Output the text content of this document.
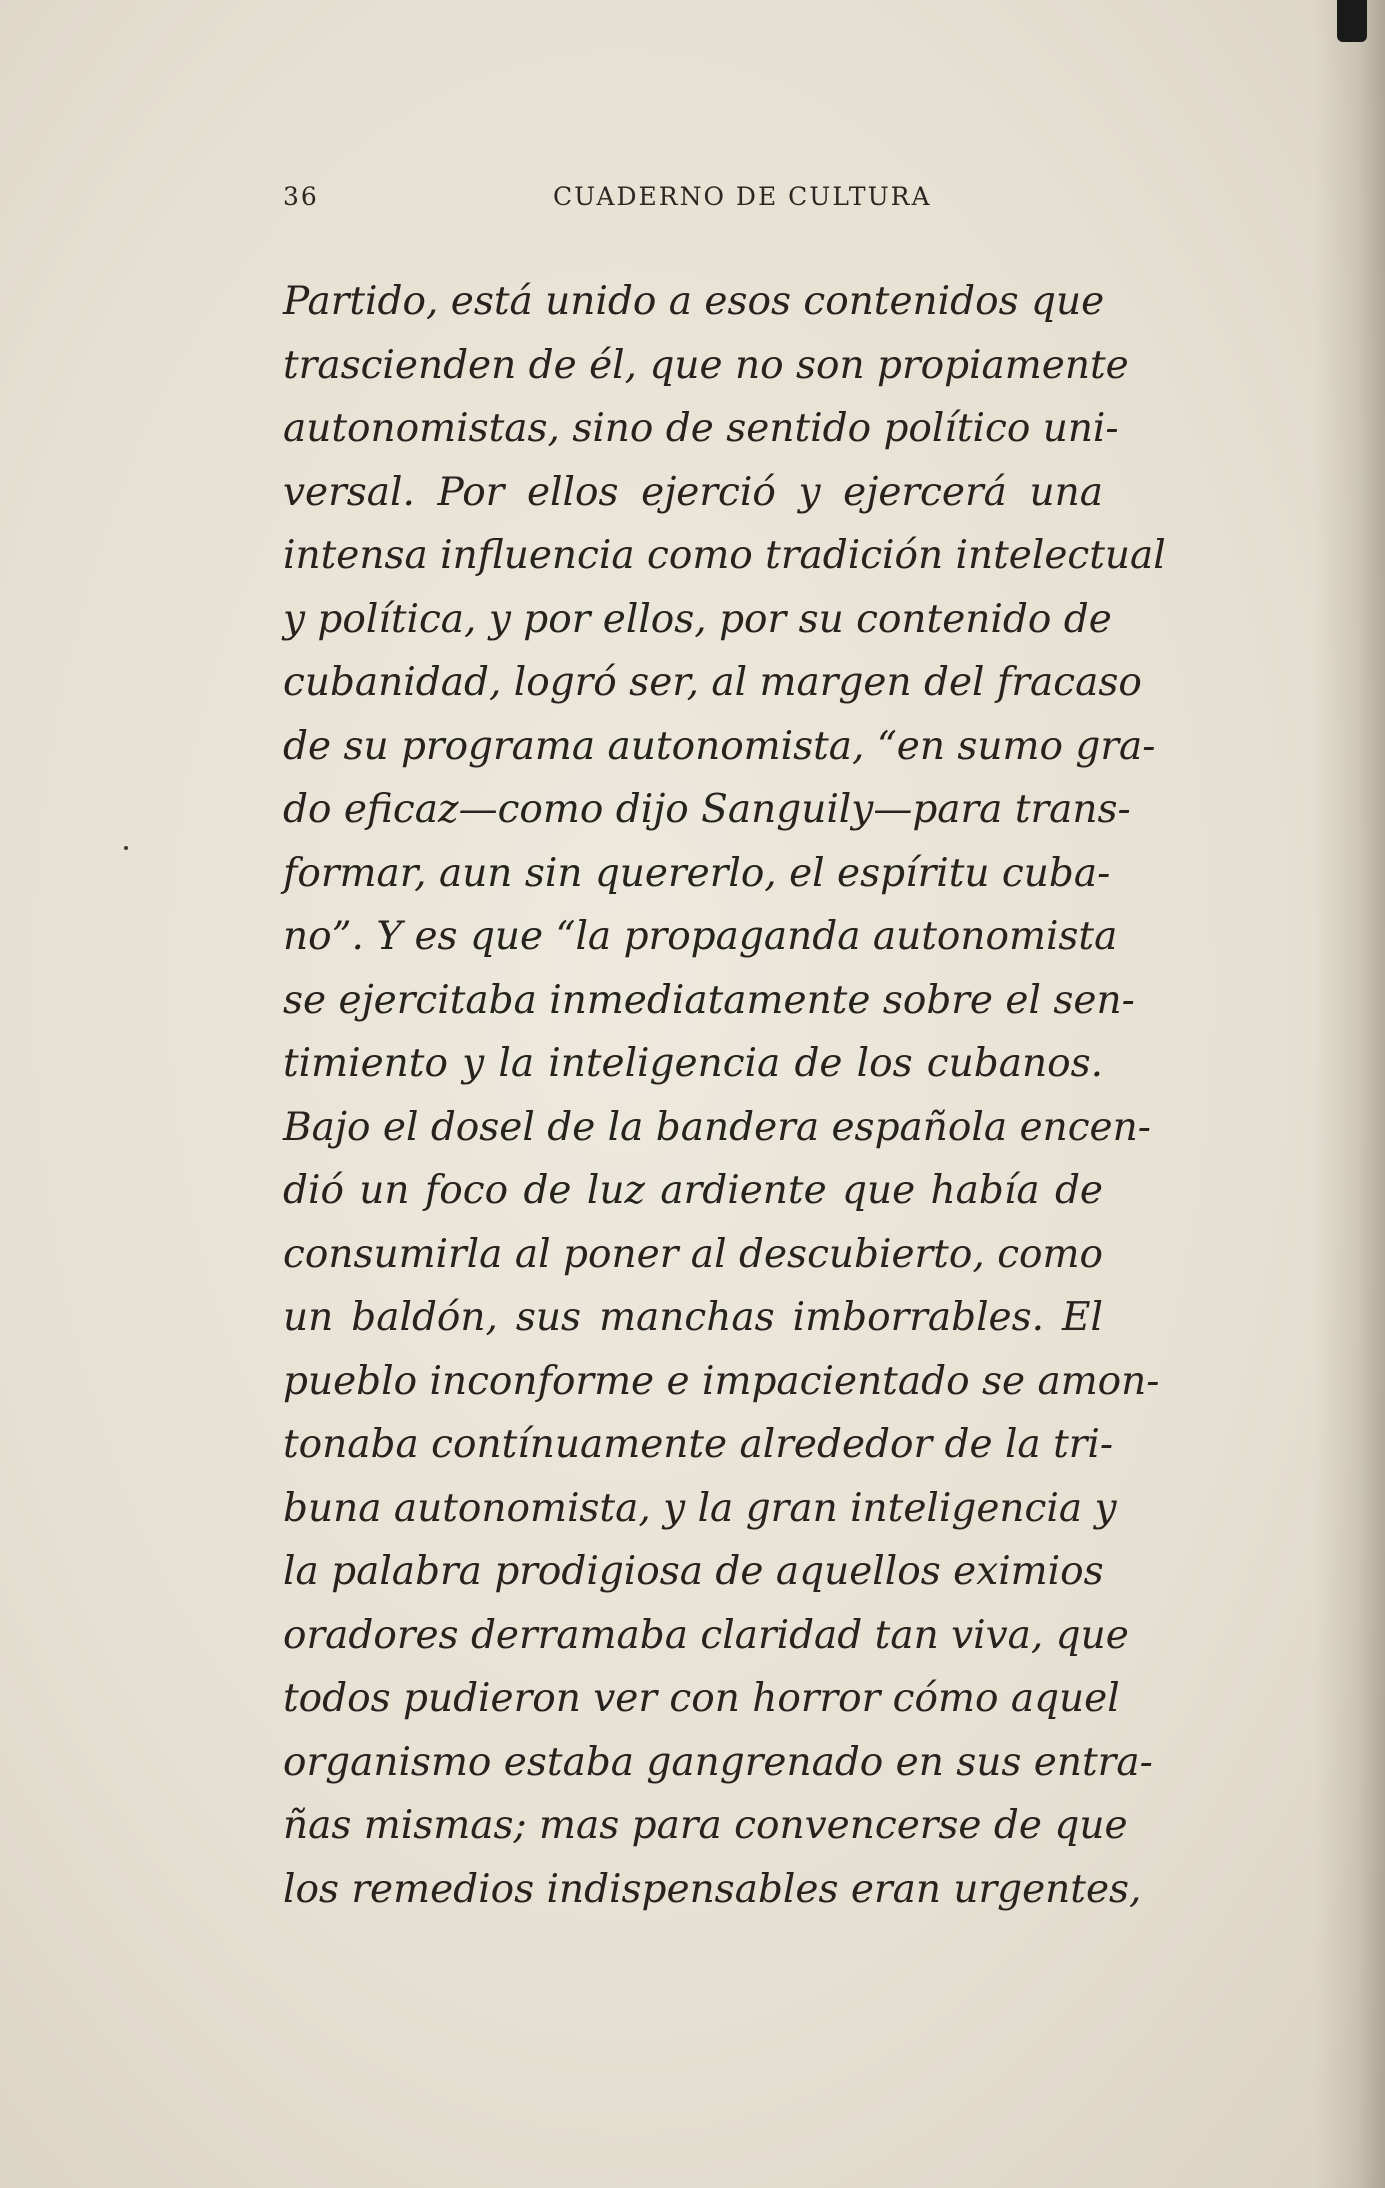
36	CUADERNO DE CULTURA
Partido, está unido a esos contenidos que
trascienden de él, que no son propiamente
autonomistas, sino de sentido político uni-
versal. Por ellos ejerció y ejercerá una
intensa influencia como tradición intelectual
y política, y por ellos, por su contenido de
cubanidad, logró ser, al margen del fracaso
de su programa autonomista, “en sumo gra-
do eficaz—como dijo Sanguily—para trans-
formar, aun sin quererlo, el espíritu cuba-
no”. Y es que “la propaganda autonomista
se ejercitaba inmediatamente sobre el sen-
timiento y la inteligencia de los cubanos.
Bajo el dosel de la bandera española encen-
dió un foco de luz ardiente que había de
consumirla al poner al descubierto, como
un baldón, sus manchas imborrables. El
pueblo inconforme e impacientado se amon-
tonaba contínuamente alrededor de la tri-
buna autonomista, y la gran inteligencia y
la palabra prodigiosa de aquellos eximios
oradores derramaba claridad tan viva, que
todos pudieron ver con horror cómo aquel
organismo estaba gangrenado en sus entra-
ñas mismas; mas para convencerse de que
los remedios indispensables eran urgentes,
